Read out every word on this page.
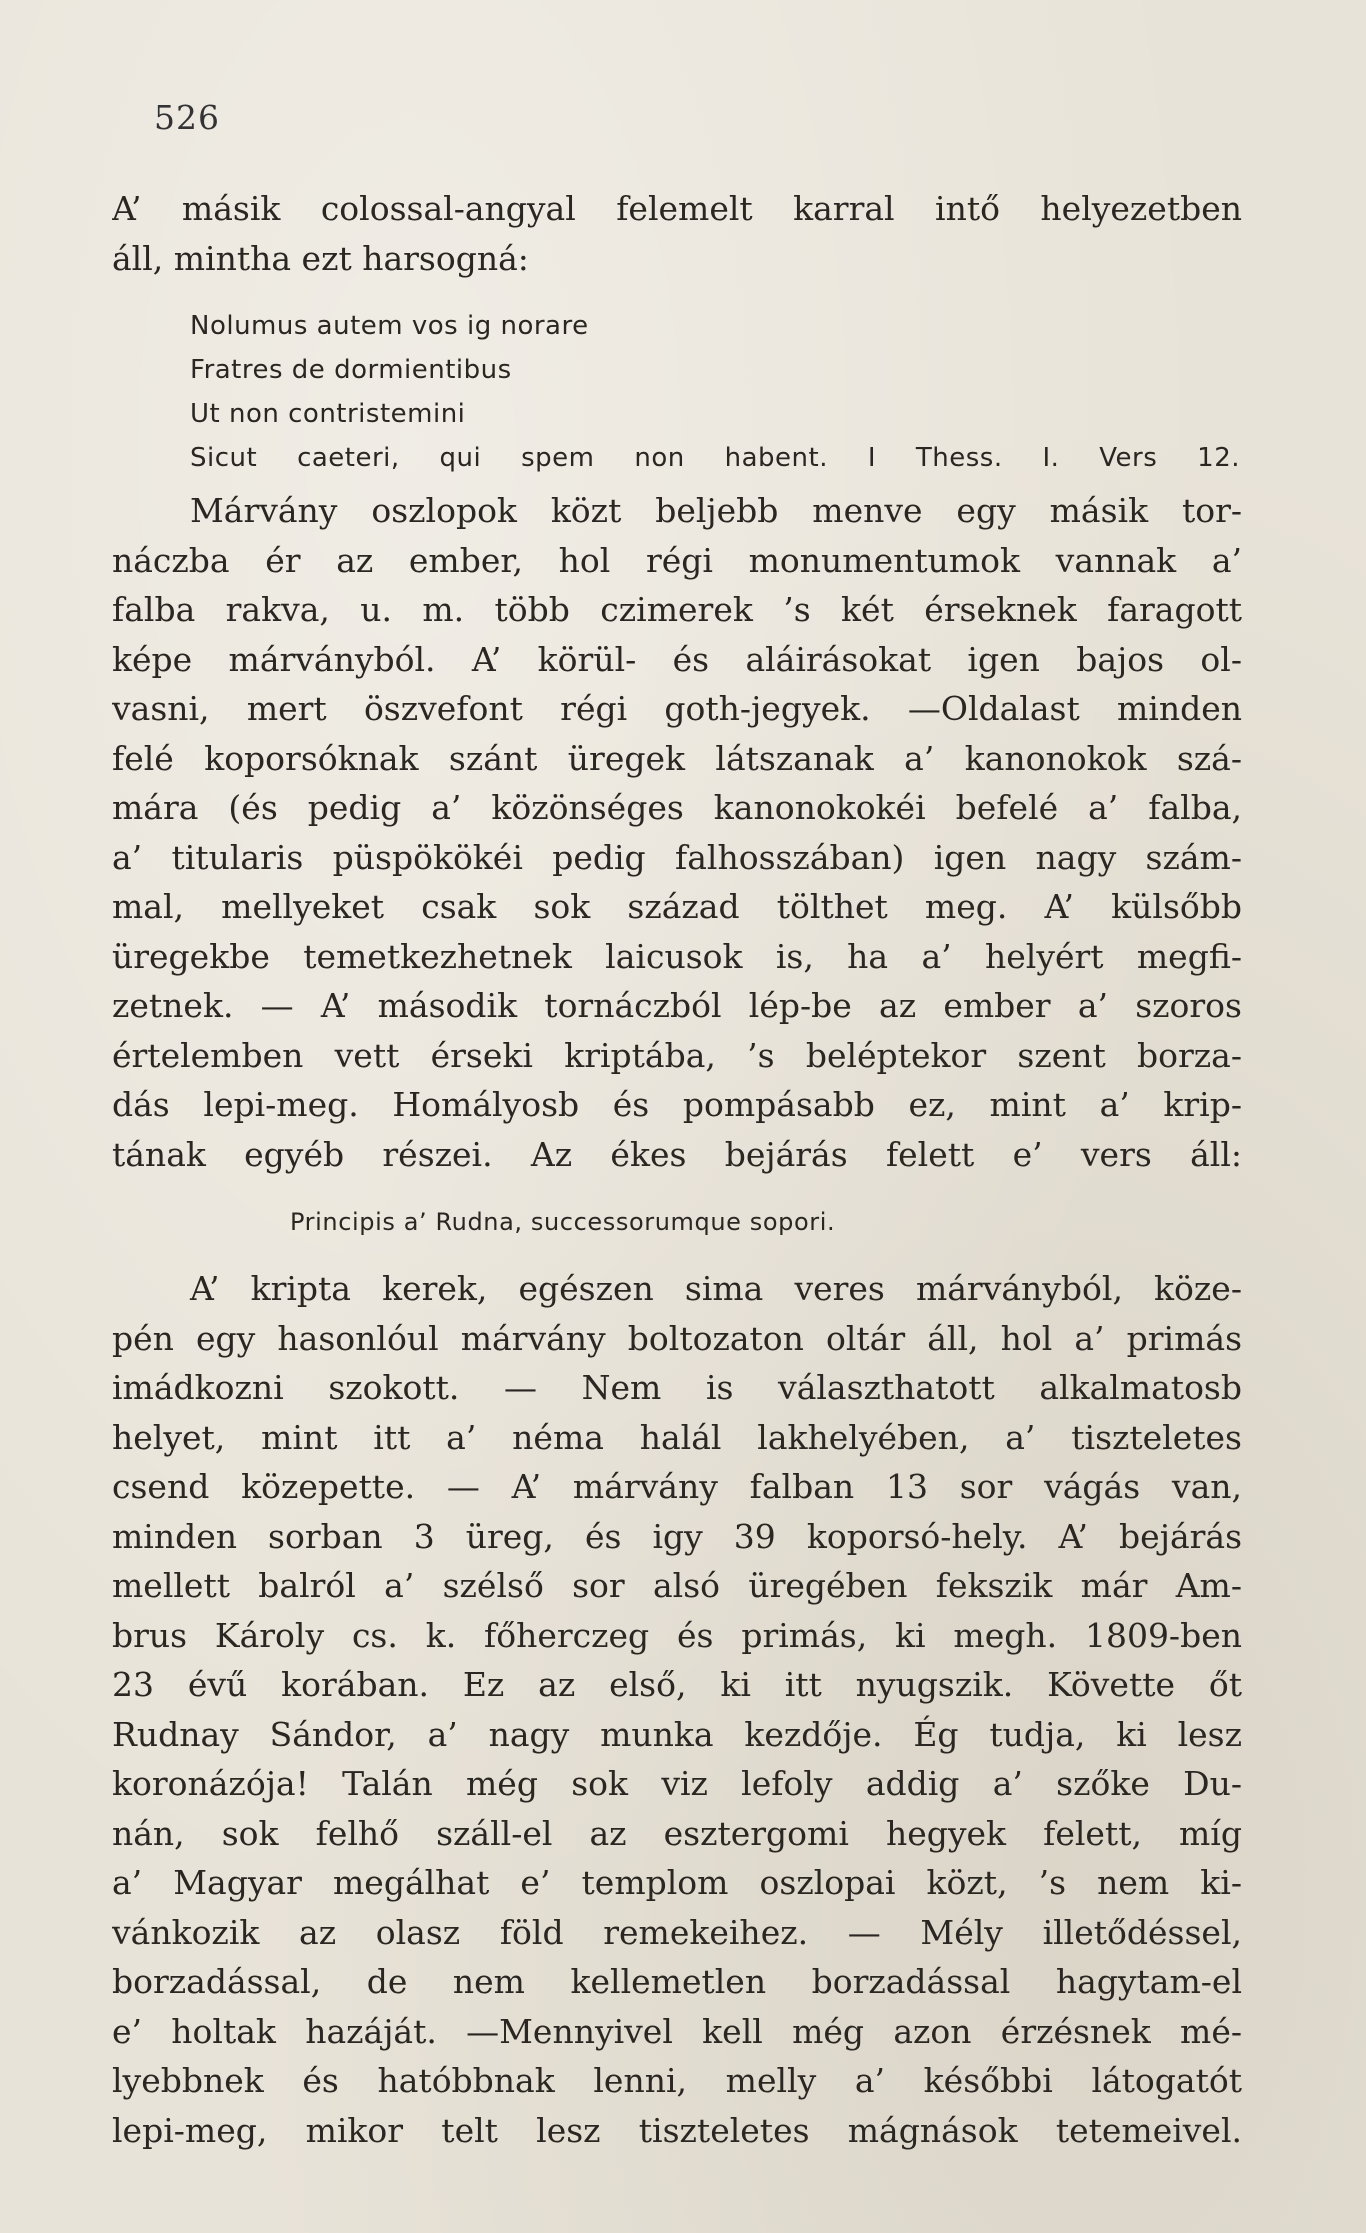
526
A’ másik colossal-angyal felemelt karral intő helyezetben
áll, mintha ezt harsogná:
Nolumus autem vos ig norare
Fratres de dormientibus
Ut non contristemini
Sicut caeteri, qui spem non habent. I Thess. I. Vers 12.
Márvány oszlopok közt beljebb menve egy másik tor-
náczba ér az ember, hol régi monumentumok vannak a’
falba rakva, u. m. több czimerek ’s két érseknek faragott
képe márványból. A’ körül- és aláirásokat igen bajos ol-
vasni, mert öszvefont régi goth-jegyek. —Oldalast minden
felé koporsóknak szánt üregek látszanak a’ kanonokok szá-
mára (és pedig a’ közönséges kanonokokéi befelé a’ falba,
a’ titularis püspökökéi pedig falhosszában) igen nagy szám-
mal, mellyeket csak sok század tölthet meg. A’ külsőbb
üregekbe temetkezhetnek laicusok is, ha a’ helyért megfi-
zetnek. — A’ második tornáczból lép-be az ember a’ szoros
értelemben vett érseki kriptába, ’s beléptekor szent borza-
dás lepi-meg. Homályosb és pompásabb ez, mint a’ krip-
tának egyéb részei. Az ékes bejárás felett e’ vers áll:
Principis a’ Rudna, successorumque sopori.
A’ kripta kerek, egészen sima veres márványból, köze-
pén egy hasonlóul márvány boltozaton oltár áll, hol a’ primás
imádkozni szokott. — Nem is választhatott alkalmatosb
helyet, mint itt a’ néma halál lakhelyében, a’ tiszteletes
csend közepette. — A’ márvány falban 13 sor vágás van,
minden sorban 3 üreg, és igy 39 koporsó-hely. A’ bejárás
mellett balról a’ szélső sor alsó üregében fekszik már Am-
brus Károly cs. k. főherczeg és primás, ki megh. 1809-ben
23 évű korában. Ez az első, ki itt nyugszik. Követte őt
Rudnay Sándor, a’ nagy munka kezdője. Ég tudja, ki lesz
koronázója! Talán még sok viz lefoly addig a’ szőke Du-
nán, sok felhő száll-el az esztergomi hegyek felett, míg
a’ Magyar megálhat e’ templom oszlopai közt, ’s nem ki-
vánkozik az olasz föld remekeihez. — Mély illetődéssel,
borzadással, de nem kellemetlen borzadással hagytam-el
e’ holtak hazáját. —Mennyivel kell még azon érzésnek mé-
lyebbnek és hatóbbnak lenni, melly a’ későbbi látogatót
lepi-meg, mikor telt lesz tiszteletes mágnások tetemeivel.
